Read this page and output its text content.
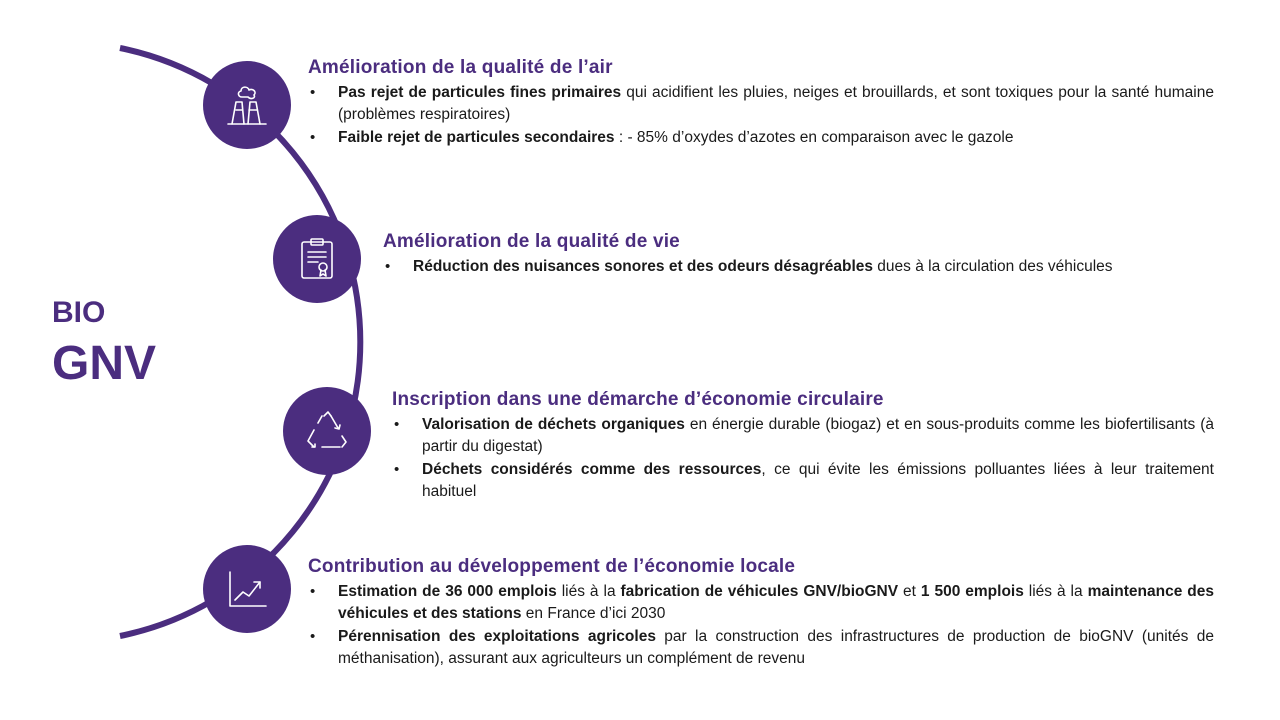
BIO
GNV
Amélioration de la qualité de l’air
• Pas rejet de particules fines primaires qui acidifient les pluies, neiges et brouillards, et sont toxiques pour la santé humaine (problèmes respiratoires)
• Faible rejet de particules secondaires : - 85% d’oxydes d’azotes en comparaison avec le gazole
Amélioration de la qualité de vie
• Réduction des nuisances sonores et des odeurs désagréables dues à la circulation des véhicules
Inscription dans une démarche d’économie circulaire
• Valorisation de déchets organiques en énergie durable (biogaz) et en sous-produits comme les biofertilisants (à partir du digestat)
• Déchets considérés comme des ressources, ce qui évite les émissions polluantes liées à leur traitement habituel
Contribution au développement de l’économie locale
• Estimation de 36 000 emplois liés à la fabrication de véhicules GNV/bioGNV et 1 500 emplois liés à la maintenance des véhicules et des stations en France d’ici 2030
• Pérennisation des exploitations agricoles par la construction des infrastructures de production de bioGNV (unités de méthanisation), assurant aux agriculteurs un complément de revenu
